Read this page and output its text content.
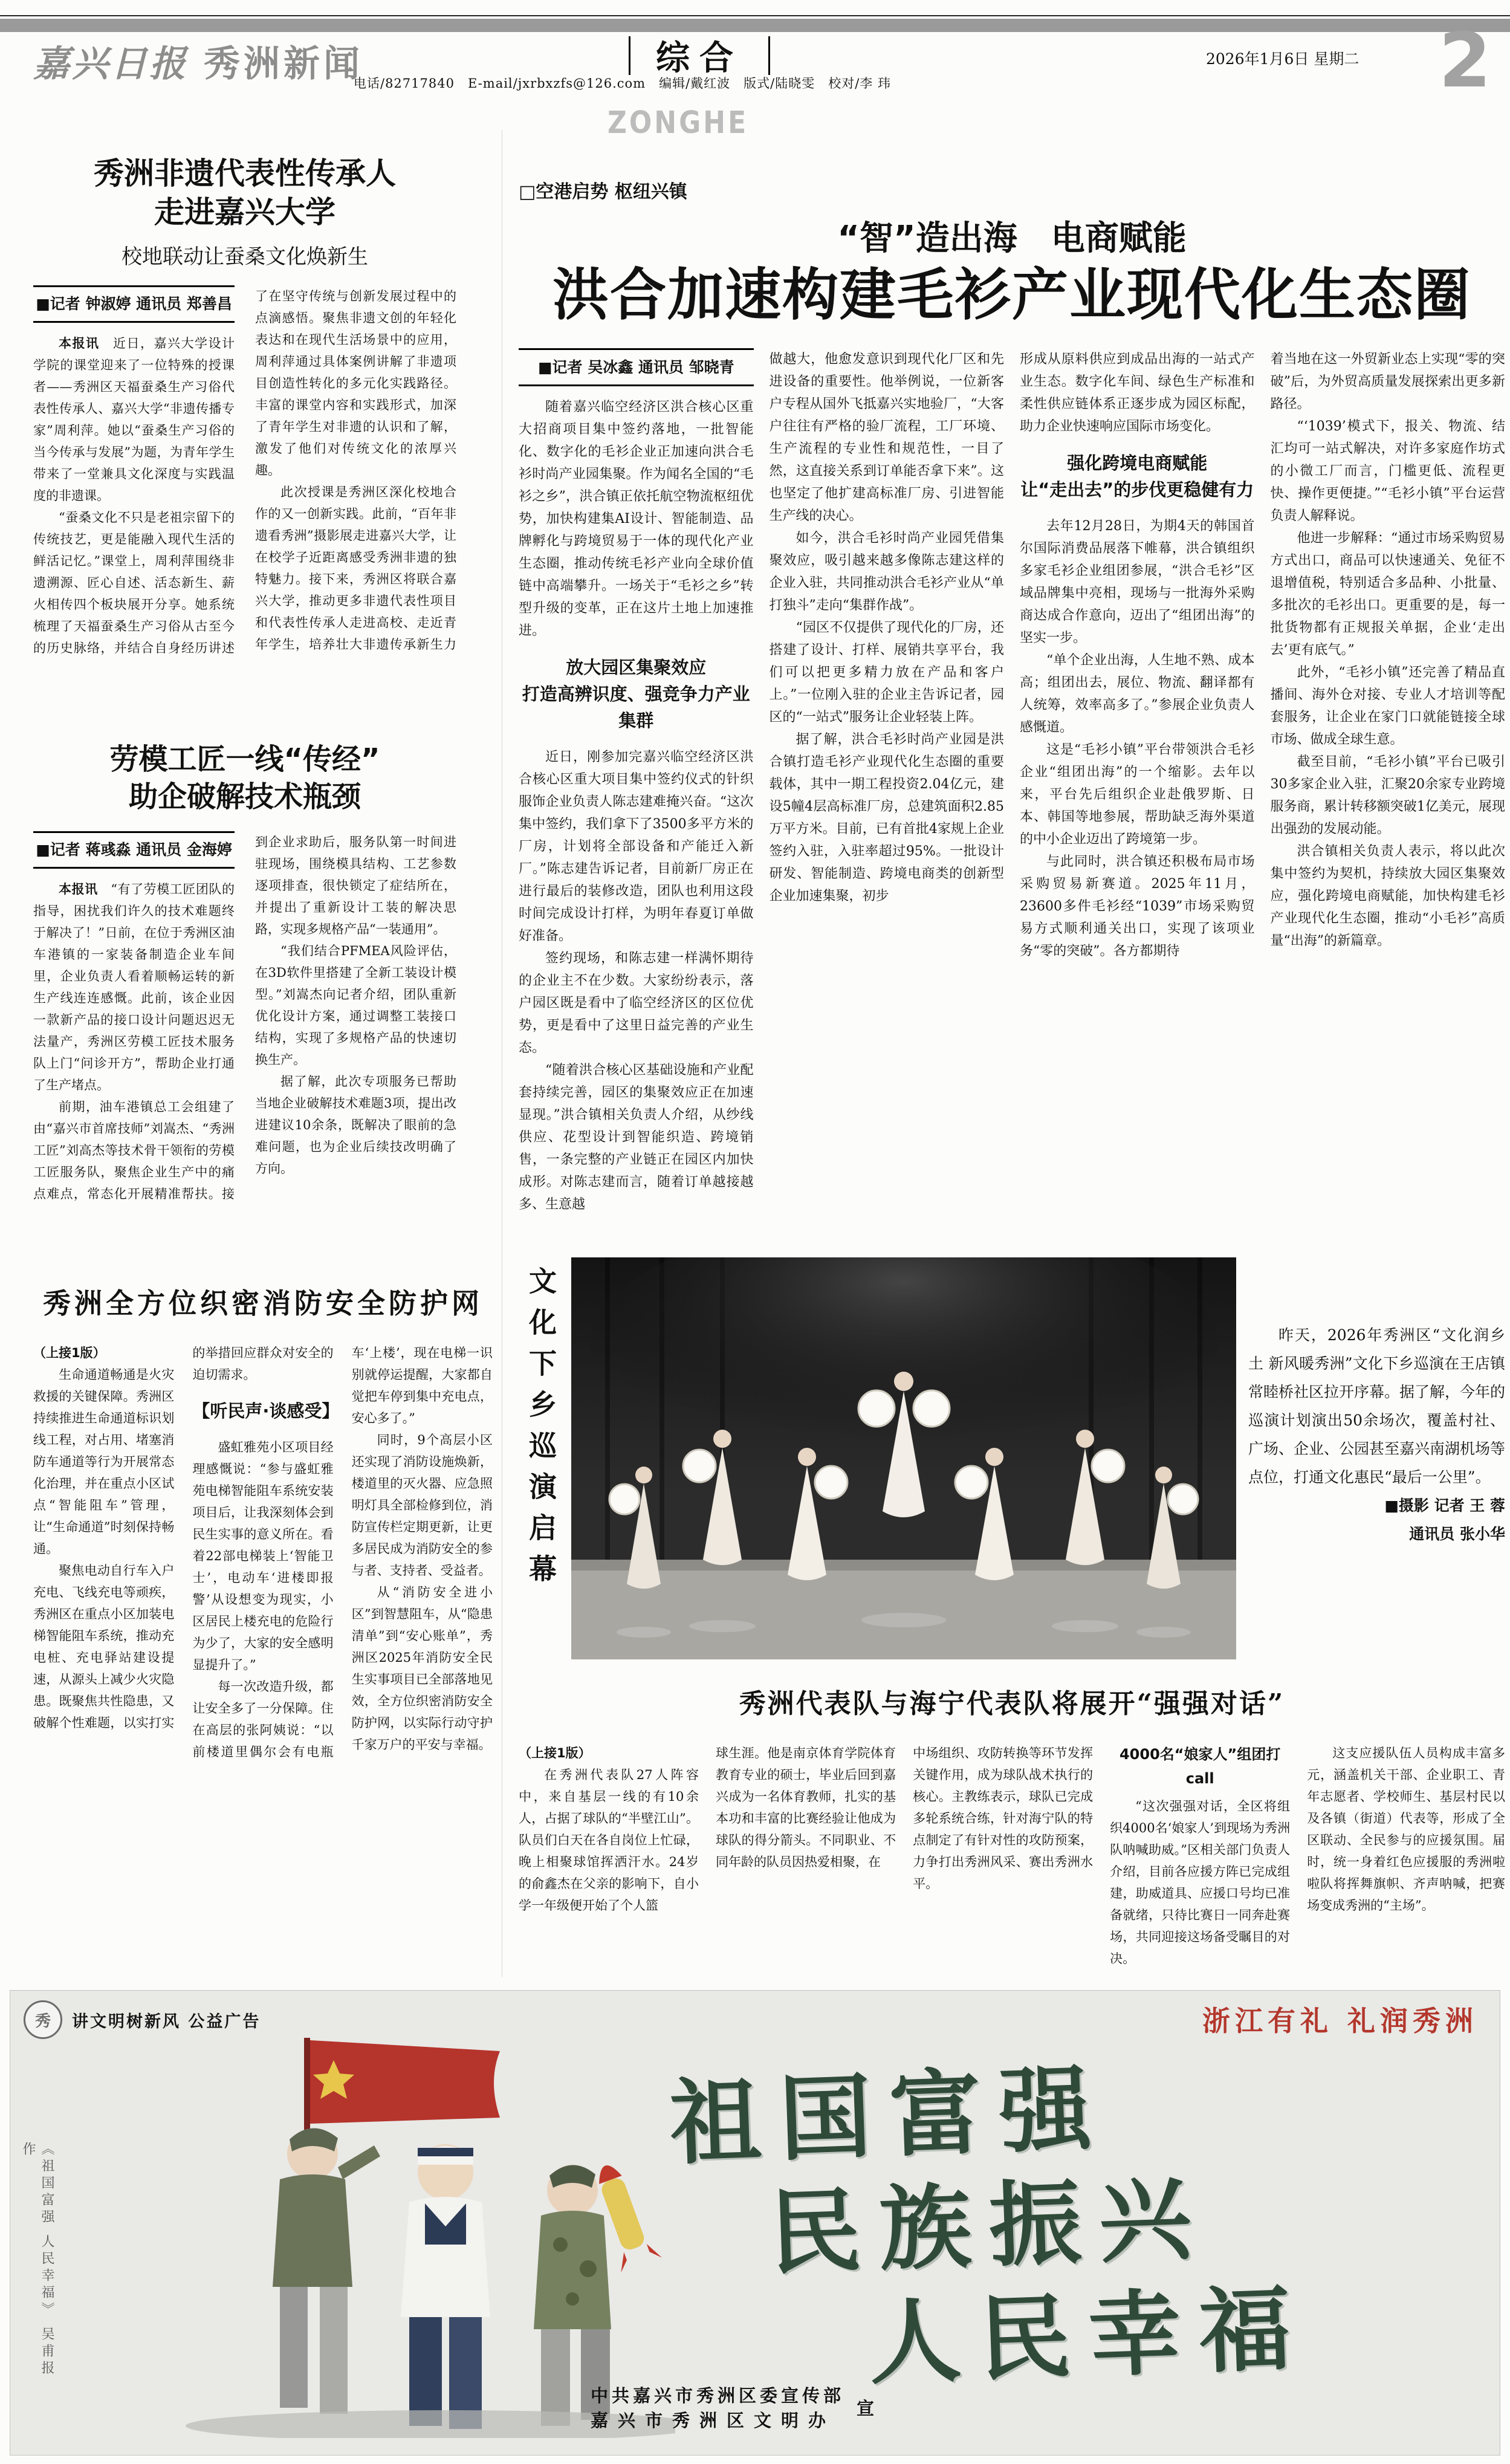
嘉兴日报 秀洲新闻	综合
电话/82717840　E-mail/jxrbxzfs@126.com　编辑/戴红波　版式/陆晓雯　校对/李 玮
2026年1月6日 星期二 2
ZONGHE
秀洲非遗代表性传承人
走进嘉兴大学
校地联动让蚕桑文化焕新生
■记者 钟淑婷 通讯员 郑善昌

本报讯　近日，嘉兴大学设计学院的课堂迎来了一位特殊的授课者——秀洲区天福蚕桑生产习俗代表性传承人、嘉兴大学“非遗传播专家”周利萍。她以“蚕桑生产习俗的当今传承与发展”为题，为青年学生带来了一堂兼具文化深度与实践温度的非遗课。

“蚕桑文化不只是老祖宗留下的传统技艺，更是能融入现代生活的鲜活记忆。”课堂上，周利萍围绕非遗溯源、匠心自述、活态新生、薪火相传四个板块展开分享。她系统梳理了天福蚕桑生产习俗从古至今的历史脉络，并结合自身经历讲述了在坚守传统与创新发展过程中的点滴感悟。聚焦非遗文创的年轻化表达和在现代生活场景中的应用，周利萍通过具体案例讲解了非遗项目创造性转化的多元化实践路径。丰富的课堂内容和实践形式，加深了青年学生对非遗的认识和了解，激发了他们对传统文化的浓厚兴趣。

此次授课是秀洲区深化校地合作的又一创新实践。此前，“百年非遗看秀洲”摄影展走进嘉兴大学，让在校学子近距离感受秀洲非遗的独特魅力。接下来，秀洲区将联合嘉兴大学，推动更多非遗代表性项目和代表性传承人走进高校、走近青年学生，培养壮大非遗传承新生力

劳模工匠一线“传经”
助企破解技术瓶颈
■记者 蒋彧淼 通讯员 金海婷

本报讯　“有了劳模工匠团队的指导，困扰我们许久的技术难题终于解决了！”日前，在位于秀洲区油车港镇的一家装备制造企业车间里，企业负责人看着顺畅运转的新生产线连连感慨。此前，该企业因一款新产品的接口设计问题迟迟无法量产，秀洲区劳模工匠技术服务队上门“问诊开方”，帮助企业打通了生产堵点。

前期，油车港镇总工会组建了由“嘉兴市首席技师”刘嵩杰、“秀洲工匠”刘高杰等技术骨干领衔的劳模工匠服务队，聚焦企业生产中的痛点难点，常态化开展精准帮扶。接到企业求助后，服务队第一时间进驻现场，围绕模具结构、工艺参数逐项排查，很快锁定了症结所在，并提出了重新设计工装的解决思路，实现多规格产品“一装通用”。

“我们结合PFMEA风险评估，在3D软件里搭建了全新工装设计模型。”刘嵩杰向记者介绍，团队重新优化设计方案，通过调整工装接口结构，实现了多规格产品的快速切换生产。

据了解，此次专项服务已帮助当地企业破解技术难题3项，提出改进建议10余条，既解决了眼前的急难问题，也为企业后续技改明确了方向。

秀洲全方位织密消防安全防护网

（上接1版）

生命通道畅通是火灾救援的关键保障。秀洲区持续推进生命通道标识划线工程，对占用、堵塞消防车通道等行为开展常态化治理，并在重点小区试点“智能阻车”管理，让“生命通道”时刻保持畅通。

聚焦电动自行车入户充电、飞线充电等顽疾，秀洲区在重点小区加装电梯智能阻车系统，推动充电桩、充电驿站建设提速，从源头上减少火灾隐患。既聚焦共性隐患，又破解个性难题，以实打实的举措回应群众对安全的迫切需求。

【听民声·谈感受】

盛虹雅苑小区项目经理感慨说：“参与盛虹雅苑电梯智能阻车系统安装项目后，让我深刻体会到民生实事的意义所在。看着22部电梯装上‘智能卫士’，电动车‘进楼即报警’从设想变为现实，小区居民上楼充电的危险行为少了，大家的安全感明显提升了。”

每一次改造升级，都让安全多了一分保障。住在高层的张阿姨说：“以前楼道里偶尔会有电瓶车‘上楼’，现在电梯一识别就停运提醒，大家都自觉把车停到集中充电点，安心多了。”

同时，9个高层小区还实现了消防设施焕新，楼道里的灭火器、应急照明灯具全部检修到位，消防宣传栏定期更新，让更多居民成为消防安全的参与者、支持者、受益者。

从“消防安全进小区”到智慧阻车，从“隐患清单”到“安心账单”，秀洲区2025年消防安全民生实事项目已全部落地见效，全方位织密消防安全防护网，以实际行动守护千家万户的平安与幸福。

□空港启势 枢纽兴镇
“智”造出海　电商赋能
洪合加速构建毛衫产业现代化生态圈
■记者 吴冰鑫 通讯员 邹晓青

随着嘉兴临空经济区洪合核心区重大招商项目集中签约落地，一批智能化、数字化的毛衫企业正加速向洪合毛衫时尚产业园集聚。作为闻名全国的“毛衫之乡”，洪合镇正依托航空物流枢纽优势，加快构建集AI设计、智能制造、品牌孵化与跨境贸易于一体的现代化产业生态圈，推动传统毛衫产业向全球价值链中高端攀升。一场关于“毛衫之乡”转型升级的变革，正在这片土地上加速推进。

放大园区集聚效应
打造高辨识度、强竞争力产业集群

近日，刚参加完嘉兴临空经济区洪合核心区重大项目集中签约仪式的针织服饰企业负责人陈志建难掩兴奋。“这次集中签约，我们拿下了3500多平方米的厂房，计划将全部设备和产能迁入新厂。”陈志建告诉记者，目前新厂房正在进行最后的装修改造，团队也利用这段时间完成设计打样，为明年春夏订单做好准备。

签约现场，和陈志建一样满怀期待的企业主不在少数。大家纷纷表示，落户园区既是看中了临空经济区的区位优势，更是看中了这里日益完善的产业生态。

“随着洪合核心区基础设施和产业配套持续完善，园区的集聚效应正在加速显现。”洪合镇相关负责人介绍，从纱线供应、花型设计到智能织造、跨境销售，一条完整的产业链正在园区内加快成形。对陈志建而言，随着订单越接越多、生意越

做越大，他愈发意识到现代化厂区和先进设备的重要性。他举例说，一位新客户专程从国外飞抵嘉兴实地验厂，“大客户往往有严格的验厂流程，工厂环境、生产流程的专业性和规范性，一目了然，这直接关系到订单能否拿下来”。这也坚定了他扩建高标准厂房、引进智能生产线的决心。

如今，洪合毛衫时尚产业园凭借集聚效应，吸引越来越多像陈志建这样的企业入驻，共同推动洪合毛衫产业从“单打独斗”走向“集群作战”。

“园区不仅提供了现代化的厂房，还搭建了设计、打样、展销共享平台，我们可以把更多精力放在产品和客户上。”一位刚入驻的企业主告诉记者，园区的“一站式”服务让企业轻装上阵。

据了解，洪合毛衫时尚产业园是洪合镇打造毛衫产业现代化生态圈的重要载体，其中一期工程投资2.04亿元，建设5幢4层高标准厂房，总建筑面积2.85万平方米。目前，已有首批4家规上企业签约入驻，入驻率超过95%。一批设计研发、智能制造、跨境电商类的创新型企业加速集聚，初步

形成从原料供应到成品出海的一站式产业生态。数字化车间、绿色生产标准和柔性供应链体系正逐步成为园区标配，助力企业快速响应国际市场变化。

强化跨境电商赋能
让“走出去”的步伐更稳健有力

去年12月28日，为期4天的韩国首尔国际消费品展落下帷幕，洪合镇组织多家毛衫企业组团参展，“洪合毛衫”区域品牌集中亮相，现场与一批海外采购商达成合作意向，迈出了“组团出海”的坚实一步。

“单个企业出海，人生地不熟、成本高；组团出去，展位、物流、翻译都有人统筹，效率高多了。”参展企业负责人感慨道。

这是“毛衫小镇”平台带领洪合毛衫企业“组团出海”的一个缩影。去年以来，平台先后组织企业赴俄罗斯、日本、韩国等地参展，帮助缺乏海外渠道的中小企业迈出了跨境第一步。

与此同时，洪合镇还积极布局市场采购贸易新赛道。2025年11月，23600多件毛衫经“1039”市场采购贸易方式顺利通关出口，实现了该项业务“零的突破”。各方都期待

着当地在这一外贸新业态上实现“零的突破”后，为外贸高质量发展探索出更多新路径。

“‘1039’模式下，报关、物流、结汇均可一站式解决，对许多家庭作坊式的小微工厂而言，门槛更低、流程更快、操作更便捷。”“毛衫小镇”平台运营负责人解释说。

他进一步解释：“通过市场采购贸易方式出口，商品可以快速通关、免征不退增值税，特别适合多品种、小批量、多批次的毛衫出口。更重要的是，每一批货物都有正规报关单据，企业‘走出去’更有底气。”

此外，“毛衫小镇”还完善了精品直播间、海外仓对接、专业人才培训等配套服务，让企业在家门口就能链接全球市场、做成全球生意。

截至目前，“毛衫小镇”平台已吸引30多家企业入驻，汇聚20余家专业跨境服务商，累计转移额突破1亿美元，展现出强劲的发展动能。

洪合镇相关负责人表示，将以此次集中签约为契机，持续放大园区集聚效应，强化跨境电商赋能，加快构建毛衫产业现代化生态圈，推动“小毛衫”高质量“出海”的新篇章。

文化下乡巡演启幕	昨天，2026年秀洲区“文化润乡土 新风暖秀洲”文化下乡巡演在王店镇常睦桥社区拉开序幕。据了解，今年的巡演计划演出50余场次，覆盖村社、广场、企业、公园甚至嘉兴南湖机场等点位，打通文化惠民“最后一公里”。
■摄影 记者 王 蓉
通讯员 张小华
秀洲代表队与海宁代表队将展开“强强对话”

（上接1版）

在秀洲代表队27人阵容中，来自基层一线的有10余人，占据了球队的“半壁江山”。队员们白天在各自岗位上忙碌，晚上相聚球馆挥洒汗水。24岁的俞鑫杰在父亲的影响下，自小学一年级便开始了个人篮

球生涯。他是南京体育学院体育教育专业的硕士，毕业后回到嘉兴成为一名体育教师，扎实的基本功和丰富的比赛经验让他成为球队的得分箭头。不同职业、不同年龄的队员因热爱相聚，在

中场组织、攻防转换等环节发挥关键作用，成为球队战术执行的核心。主教练表示，球队已完成多轮系统合练，针对海宁队的特点制定了有针对性的攻防预案，力争打出秀洲风采、赛出秀洲水平。

4000名“娘家人”组团打call

“这次强强对话，全区将组织4000名‘娘家人’到现场为秀洲队呐喊助威。”区相关部门负责人介绍，目前各应援方阵已完成组建，助威道具、应援口号均已准备就绪，只待比赛日一同奔赴赛场，共同迎接这场备受瞩目的对决。

这支应援队伍人员构成丰富多元，涵盖机关干部、企业职工、青年志愿者、学校师生、基层村民以及各镇（街道）代表等，形成了全区联动、全民参与的应援氛围。届时，统一身着红色应援服的秀洲啦啦队将挥舞旗帜、齐声呐喊，把赛场变成秀洲的“主场”。

秀	讲文明树新风 公益广告	浙江有礼 礼润秀洲
《祖国富强 人民幸福》 吴甫报 作	祖国富强
民族振兴
人民幸福
中共嘉兴市秀洲区委宣传部
嘉兴市秀洲区文明办
宣
